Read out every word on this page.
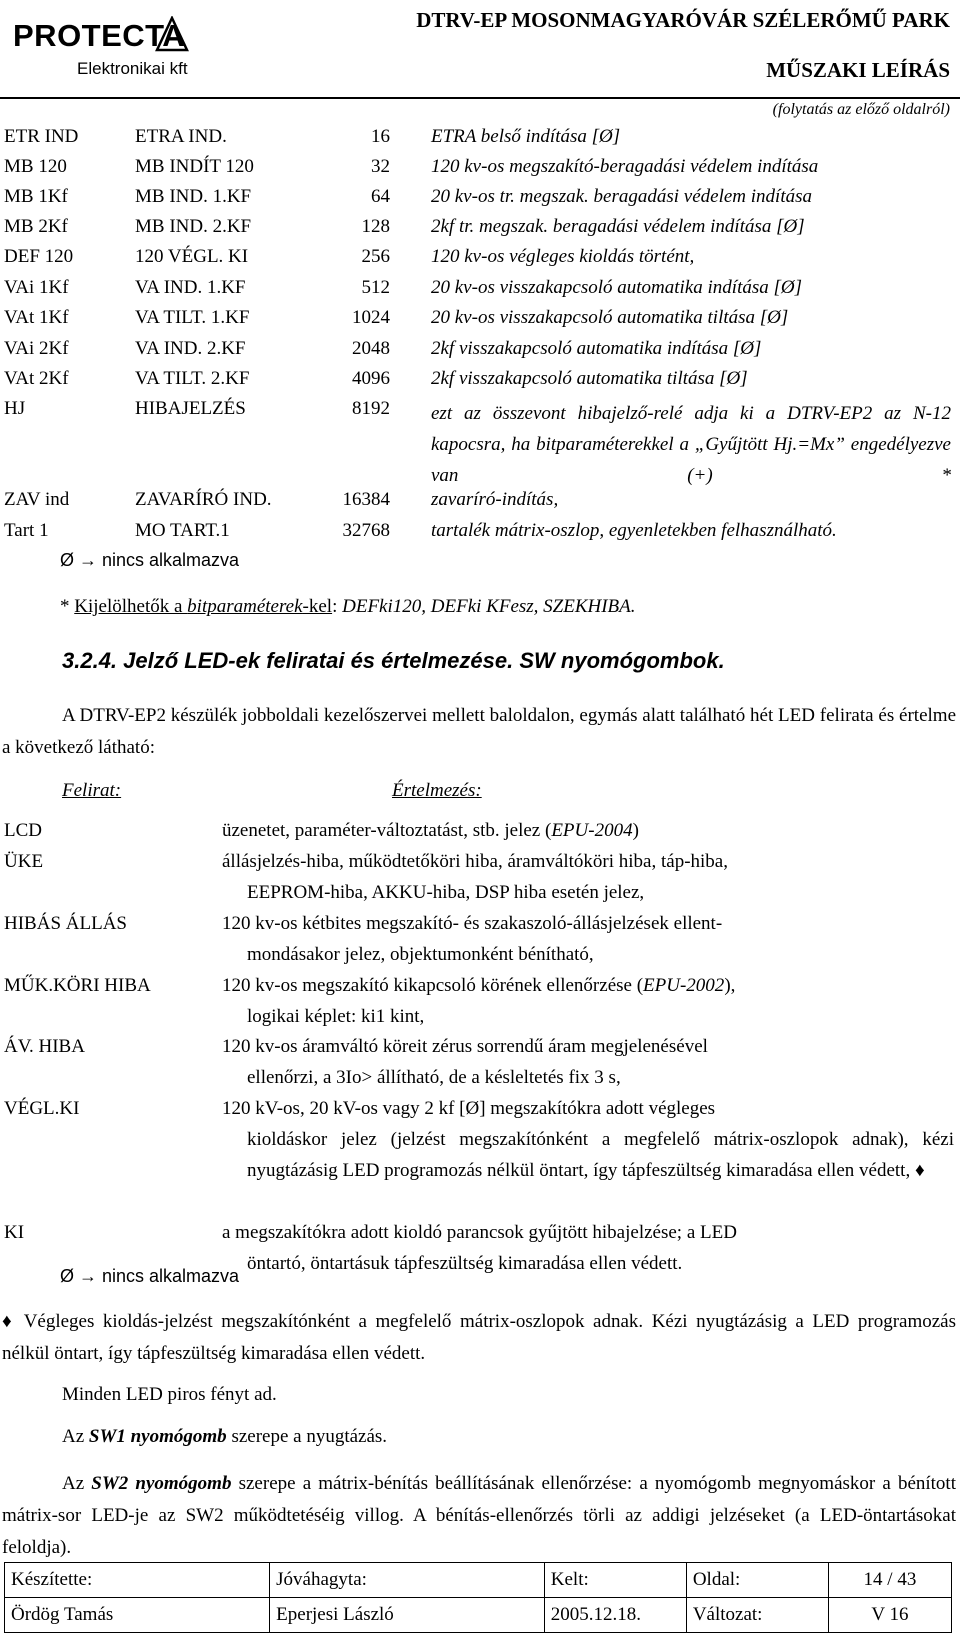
PROTECTA
Elektronikai kft
DTRV-EP MOSONMAGYARÓVÁR SZÉLERŐMŰ PARK
MŰSZAKI LEÍRÁS
(folytatás az előző oldalról)
ETR IND	ETRA IND.	16 ETRA belső indítása [Ø]
MB 120	MB INDÍT 120	32 120 kv-os megszakító-beragadási védelem indítása
MB 1Kf	MB IND. 1.KF	64 20 kv-os tr. megszak. beragadási védelem indítása
MB 2Kf	MB IND. 2.KF	128 2kf tr. megszak. beragadási védelem indítása [Ø]
DEF 120	120 VÉGL. KI	256 120 kv-os végleges kioldás történt,
VAi 1Kf	VA IND. 1.KF	512 20 kv-os visszakapcsoló automatika indítása [Ø]
VAt 1Kf	VA TILT. 1.KF	1024 20 kv-os visszakapcsoló automatika tiltása [Ø]
VAi 2Kf	VA IND. 2.KF	2048 2kf visszakapcsoló automatika indítása [Ø]
VAt 2Kf	VA TILT. 2.KF	4096 2kf visszakapcsoló automatika tiltása [Ø]
HJ	HIBAJELZÉS	8192 ezt az összevont hibajelző-relé adja ki a DTRV-EP2 az N-12 kapocsra, ha bitparaméterekkel a „Gyűjtött Hj.=Mx” engedélyezve van (+) *
ZAV ind	ZAVARÍRÓ IND.	16384 zavaríró-indítás,
Tart 1	MO TART.1	32768 tartalék mátrix-oszlop, egyenletekben felhasználható.
Ø → nincs alkalmazva
* Kijelölhetők a bitparaméterek-kel: DEFki120, DEFki KFesz, SZEKHIBA.
3.2.4. Jelző LED-ek feliratai és értelmezése. SW nyomógombok.
A DTRV-EP2 készülék jobboldali kezelőszervei mellett baloldalon, egymás alatt található hét LED felirata és értelme a következő látható:
Felirat:	Értelmezés:
LCD	üzenetet, paraméter-változtatást, stb. jelez (EPU-2004)
ÜKE	állásjelzés-hiba, működtetőköri hiba, áramváltóköri hiba, táp-hiba,
EEPROM-hiba, AKKU-hiba, DSP hiba esetén jelez,
HIBÁS ÁLLÁS	120 kv-os kétbites megszakító- és szakaszoló-állásjelzések ellent-
mondásakor jelez, objektumonként bénítható,
MŰK.KÖRI HIBA	120 kv-os megszakító kikapcsoló körének ellenőrzése (EPU-2002),
logikai képlet: ki1 kint,
ÁV. HIBA	120 kv-os áramváltó köreit zérus sorrendű áram megjelenésével
ellenőrzi, a 3Io> állítható, de a késleltetés fix 3 s,
VÉGL.KI	120 kV-os, 20 kV-os vagy 2 kf [Ø] megszakítókra adott végleges
kioldáskor jelez (jelzést megszakítónként a megfelelő mátrix-oszlopok adnak), kézi nyugtázásig LED programozás nélkül öntart, így tápfeszültség kimaradása ellen védett, ♦
KI	a megszakítókra adott kioldó parancsok gyűjtött hibajelzése; a LED
öntartó, öntartásuk tápfeszültség kimaradása ellen védett.
Ø → nincs alkalmazva
♦ Végleges kioldás-jelzést megszakítónként a megfelelő mátrix-oszlopok adnak. Kézi nyugtázásig a LED programozás nélkül öntart, így tápfeszültség kimaradása ellen védett.
Minden LED piros fényt ad.
Az SW1 nyomógomb szerepe a nyugtázás.
Az SW2 nyomógomb szerepe a mátrix-bénítás beállításának ellenőrzése: a nyomógomb megnyomáskor a bénított mátrix-sor LED-je az SW2 működtetéséig villog. A bénítás-ellenőrzés törli az addigi jelzéseket (a LED-öntartásokat feloldja).
Készítette:	Jóváhagyta:	Kelt:	Oldal:	14 / 43
Ördög Tamás	Eperjesi László	2005.12.18.	Változat:	V 16
